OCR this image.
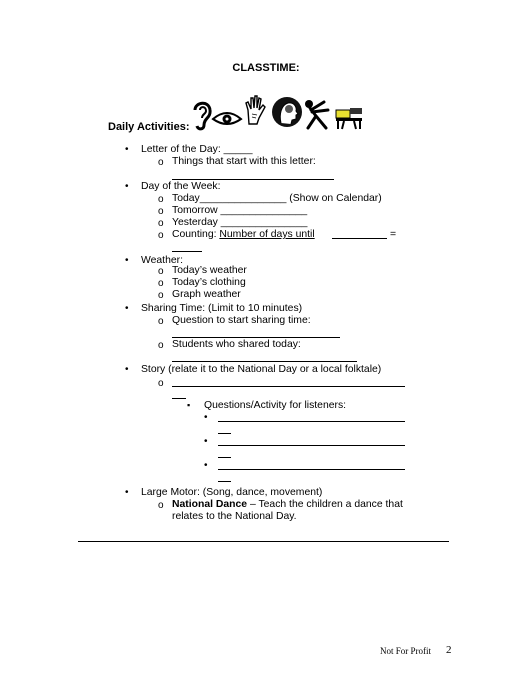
CLASSTIME:
Daily Activities:
• Letter of the Day: _____
o Things that start with this letter:
• Day of the Week:
o Today_______________ (Show on Calendar)
o Tomorrow _______________
o Yesterday _______________
o Counting: Number of days until	=
• Weather:
o Today’s weather
o Today’s clothing
o Graph weather
• Sharing Time: (Limit to 10 minutes)
o Question to start sharing time:
o Students who shared today:
• Story (relate it to the National Day or a local folktale)
o
▪ Questions/Activity for listeners:
•
•
•
• Large Motor: (Song, dance, movement)
o National Dance – Teach the children a dance that
relates to the National Day.
Not For Profit 2
